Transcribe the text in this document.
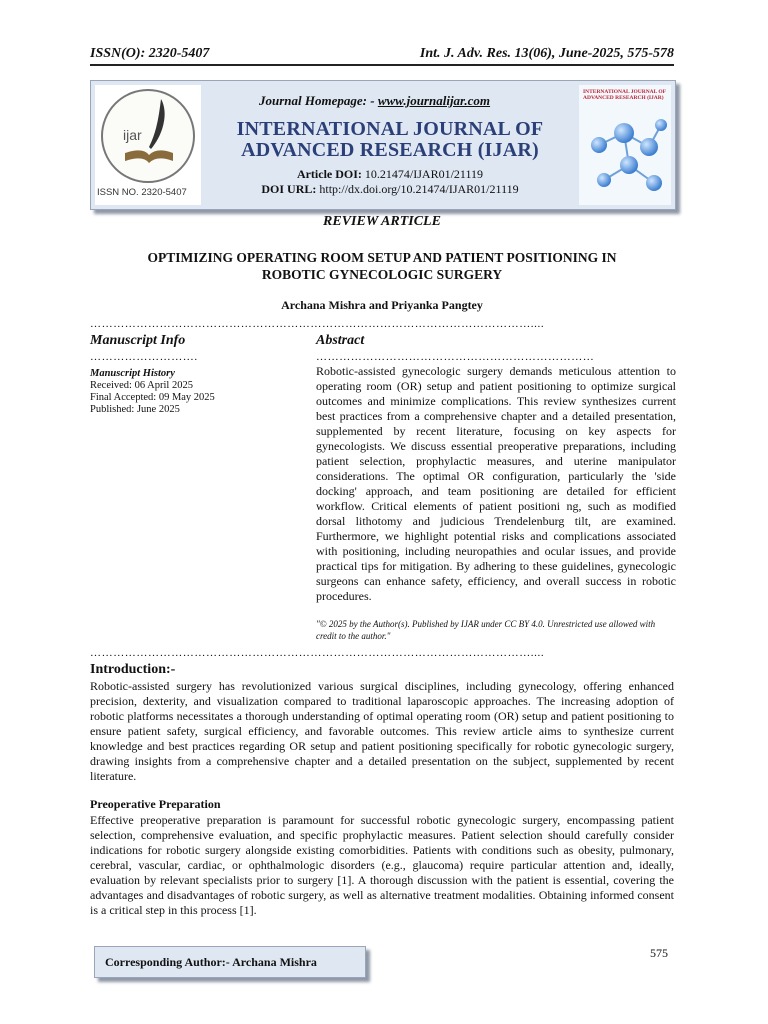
ISSN(O): 2320-5407	Int. J. Adv. Res. 13(06), June-2025, 575-578
ijar
ISSN NO. 2320-5407
Journal Homepage: - www.journalijar.com
INTERNATIONAL JOURNAL OF
ADVANCED RESEARCH (IJAR)
Article DOI: 10.21474/IJAR01/21119
DOI URL: http://dx.doi.org/10.21474/IJAR01/21119
INTERNATIONAL JOURNAL OF ADVANCED RESEARCH (IJAR)
REVIEW ARTICLE
OPTIMIZING OPERATING ROOM SETUP AND PATIENT POSITIONING IN
ROBOTIC GYNECOLOGIC SURGERY
Archana Mishra and Priyanka Pangtey
……………………………………………………………………………………………………....
Manuscript Info	Abstract
……………………….	………………………………………………………………
Manuscript History
Received: 06 April 2025
Final Accepted: 09 May 2025
Published: June 2025
Robotic-assisted gynecologic surgery demands meticulous attention to operating room (OR) setup and patient positioning to optimize surgical outcomes and minimize complications. This review synthesizes current best practices from a comprehensive chapter and a detailed presentation, supplemented by recent literature, focusing on key aspects for gynecologists. We discuss essential preoperative preparations, including patient selection, prophylactic measures, and uterine manipulator considerations. The optimal OR configuration, particularly the 'side docking' approach, and team positioning are detailed for efficient workflow. Critical elements of patient positioni ng, such as modified dorsal lithotomy and judicious Trendelenburg tilt, are examined. Furthermore, we highlight potential risks and complications associated with positioning, including neuropathies and ocular issues, and provide practical tips for mitigation. By adhering to these guidelines, gynecologic surgeons can enhance safety, efficiency, and overall success in robotic procedures.
"© 2025 by the Author(s). Published by IJAR under CC BY 4.0. Unrestricted use allowed with credit to the author."
……………………………………………………………………………………………………....
Introduction:-
Robotic-assisted surgery has revolutionized various surgical disciplines, including gynecology, offering enhanced precision, dexterity, and visualization compared to traditional laparoscopic approaches. The increasing adoption of robotic platforms necessitates a thorough understanding of optimal operating room (OR) setup and patient positioning to ensure patient safety, surgical efficiency, and favorable outcomes. This review article aims to synthesize current knowledge and best practices regarding OR setup and patient positioning specifically for robotic gynecologic surgery, drawing insights from a comprehensive chapter and a detailed presentation on the subject, supplemented by recent literature.
Preoperative Preparation
Effective preoperative preparation is paramount for successful robotic gynecologic surgery, encompassing patient selection, comprehensive evaluation, and specific prophylactic measures. Patient selection should carefully consider indications for robotic surgery alongside existing comorbidities. Patients with conditions such as obesity, pulmonary, cerebral, vascular, cardiac, or ophthalmologic disorders (e.g., glaucoma) require particular attention and, ideally, evaluation by relevant specialists prior to surgery [1]. A thorough discussion with the patient is essential, covering the advantages and disadvantages of robotic surgery, as well as alternative treatment modalities. Obtaining informed consent is a critical step in this process [1].
Corresponding Author:- Archana Mishra
575
